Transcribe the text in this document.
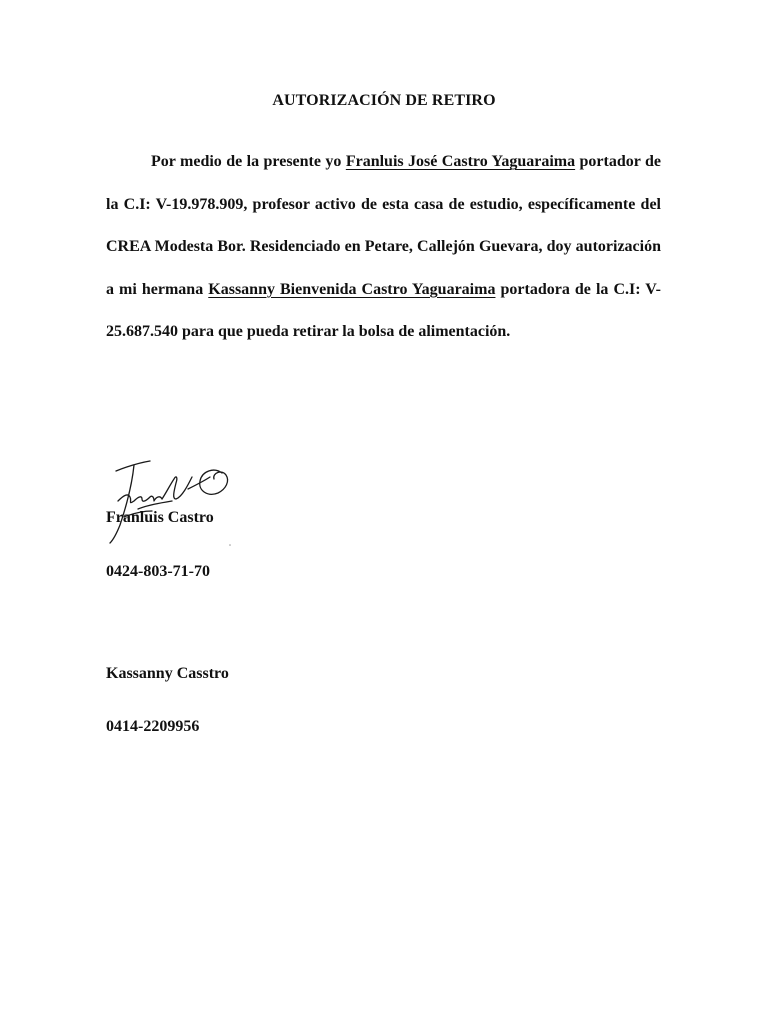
AUTORIZACIÓN DE RETIRO
Por medio de la presente yo Franluis José Castro Yaguaraima portador de la C.I: V-19.978.909, profesor activo de esta casa de estudio, específicamente del CREA Modesta Bor. Residenciado en Petare, Callejón Guevara, doy autorización a mi hermana Kassanny Bienvenida Castro Yaguaraima portadora de la C.I: V-25.687.540 para que pueda retirar la bolsa de alimentación.
Franluis Castro
0424-803-71-70
Kassanny Casstro
0414-2209956
